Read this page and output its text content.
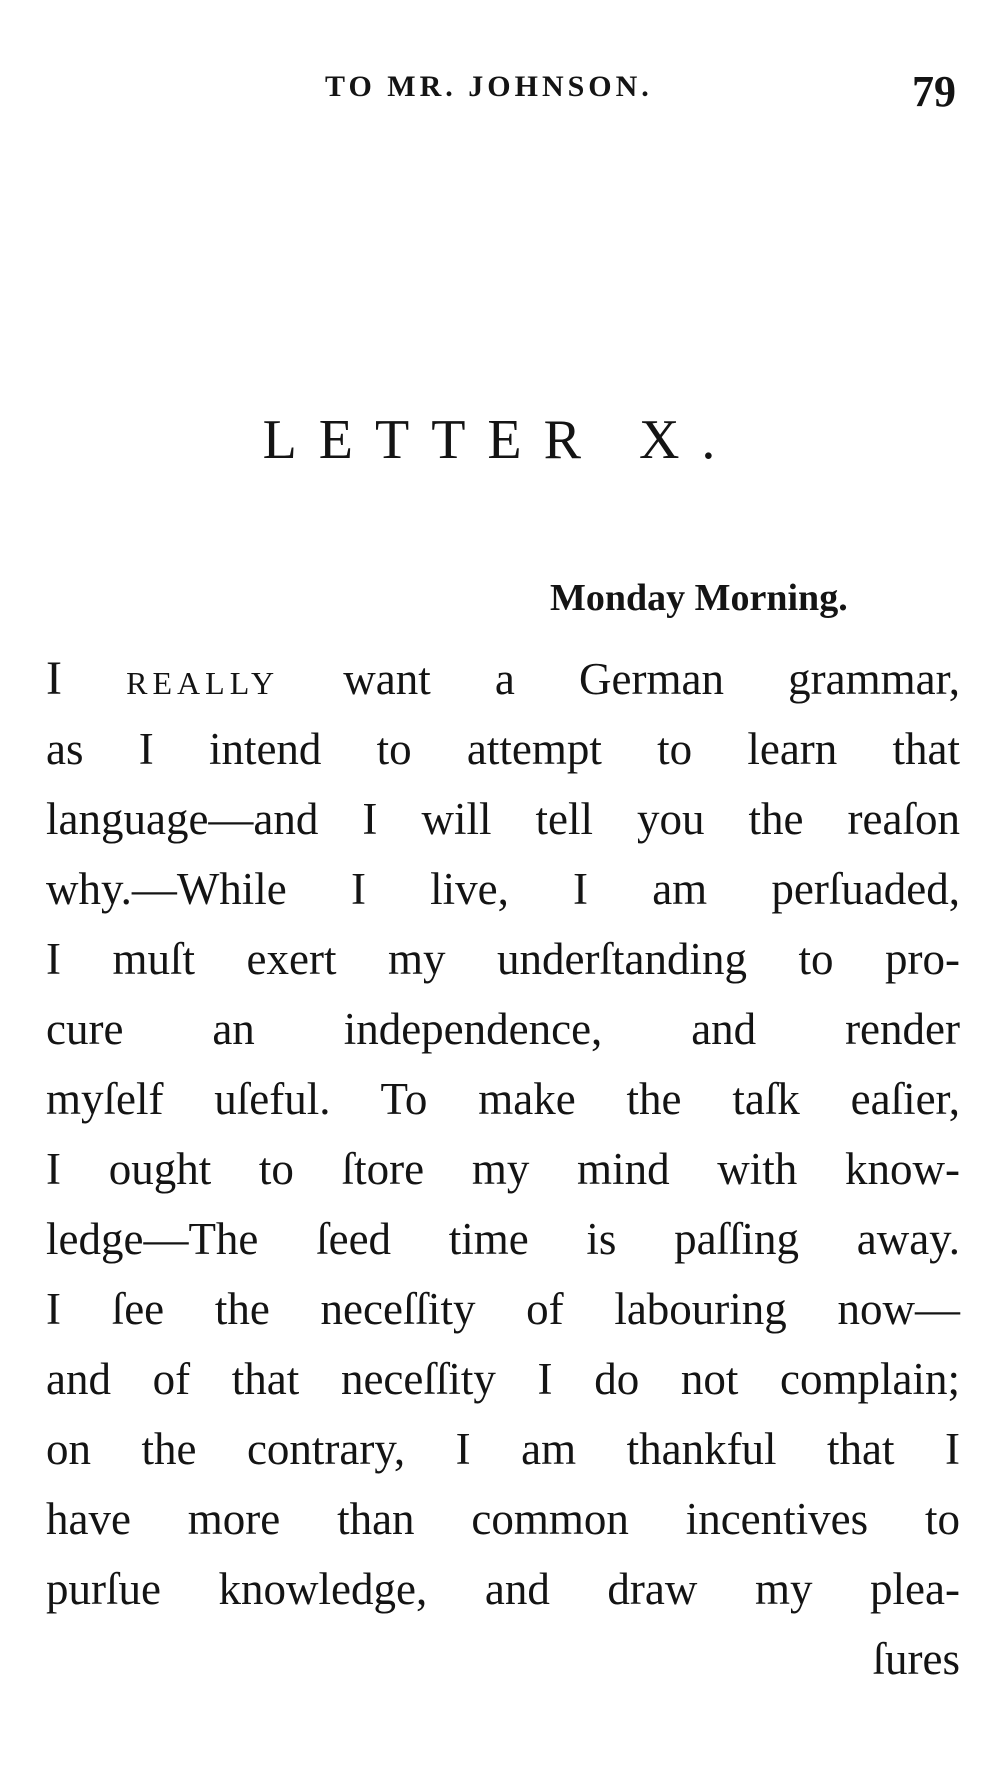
TO MR. JOHNSON.	79
LETTER X.
Monday Morning.
I REALLY want a German grammar,
as I intend to attempt to learn that
language—and I will tell you the reaſon
why.—While I live, I am perſuaded,
I muſt exert my underſtanding to pro-
cure an independence, and render
myſelf uſeful. To make the taſk eaſier,
I ought to ſtore my mind with know-
ledge—The ſeed time is paſſing away.
I ſee the neceſſity of labouring now—
and of that neceſſity I do not complain;
on the contrary, I am thankful that I
have more than common incentives to
purſue knowledge, and draw my plea-
ſures
